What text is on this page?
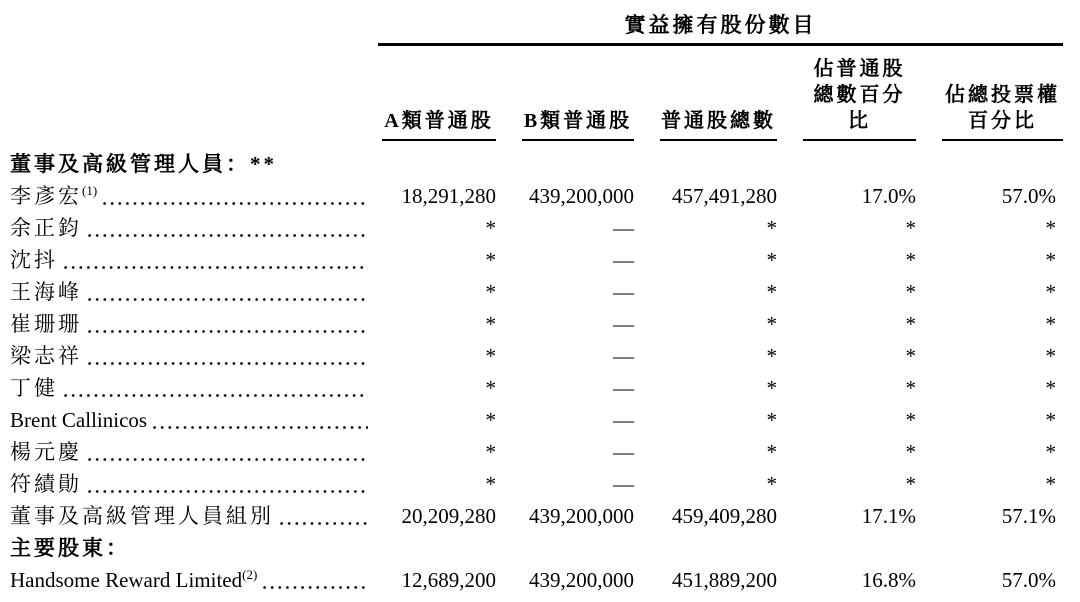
實益擁有股份數目
A類普通股 B類普通股 普通股總數
佔普通股
總數百分比
佔總投票權
百分比
董事及高級管理人員：**
李彥宏$^{(1)}$	18,291,280	439,200,000	457,491,280	17.0%	57.0%
余正鈞	*	—	*	*	*
沈抖	*	—	*	*	*
王海峰	*	—	*	*	*
崔珊珊	*	—	*	*	*
梁志祥	*	—	*	*	*
丁健	*	—	*	*	*
Brent Callinicos	*	—	*	*	*
楊元慶	*	—	*	*	*
符績勛	*	—	*	*	*
董事及高級管理人員組別	20,209,280	439,200,000	459,409,280	17.1%	57.1%
主要股東：
Handsome Reward Limited$^{(2)}$	12,689,200	439,200,000	451,889,200	16.8%	57.0%
